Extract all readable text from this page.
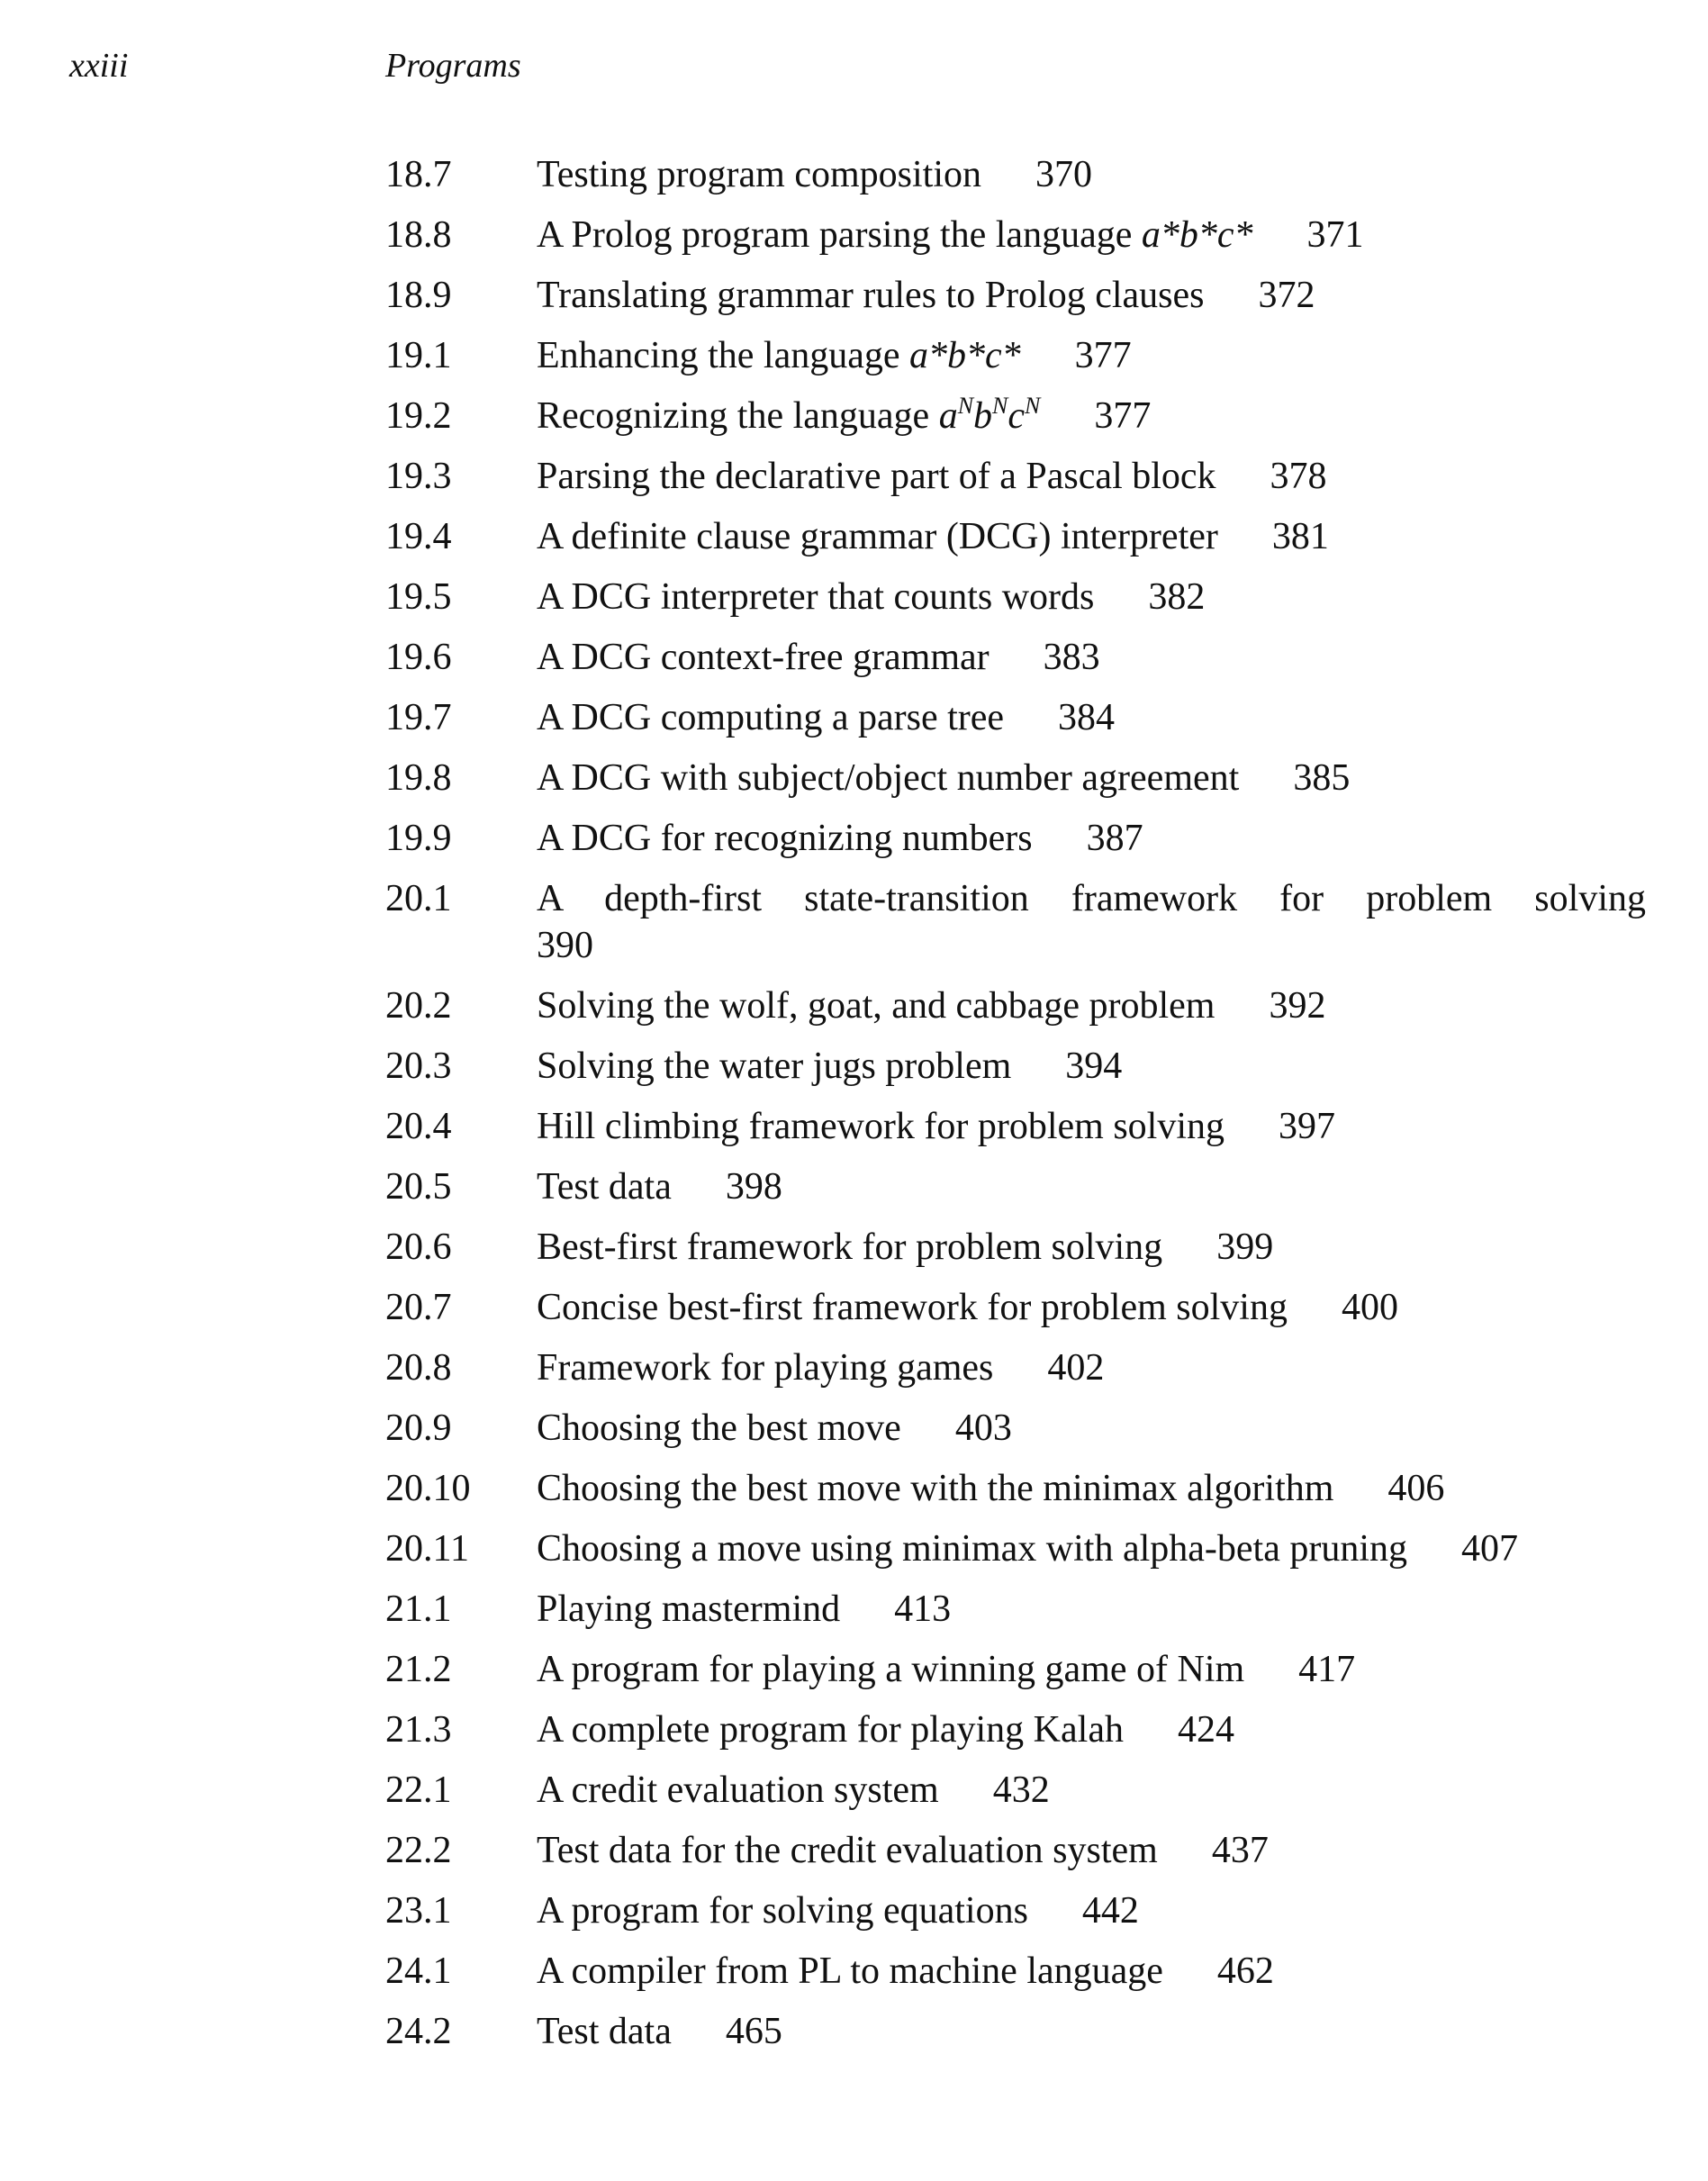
xxiii	Programs
18.7	Testing program composition 370
18.8	A Prolog program parsing the language a*b*c* 371
18.9	Translating grammar rules to Prolog clauses 372
19.1	Enhancing the language a*b*c* 377
19.2	Recognizing the language $a^Nb^Nc^N$ 377
19.3	Parsing the declarative part of a Pascal block 378
19.4	A definite clause grammar (DCG) interpreter 381
19.5	A DCG interpreter that counts words 382
19.6	A DCG context-free grammar 383
19.7	A DCG computing a parse tree 384
19.8	A DCG with subject/object number agreement 385
19.9	A DCG for recognizing numbers 387
20.1	A depth-first state-transition framework for problem solving
390
20.2	Solving the wolf, goat, and cabbage problem 392
20.3	Solving the water jugs problem 394
20.4	Hill climbing framework for problem solving 397
20.5	Test data 398
20.6	Best-first framework for problem solving 399
20.7	Concise best-first framework for problem solving 400
20.8	Framework for playing games 402
20.9	Choosing the best move 403
20.10	Choosing the best move with the minimax algorithm 406
20.11	Choosing a move using minimax with alpha-beta pruning 407
21.1	Playing mastermind 413
21.2	A program for playing a winning game of Nim 417
21.3	A complete program for playing Kalah 424
22.1	A credit evaluation system 432
22.2	Test data for the credit evaluation system 437
23.1	A program for solving equations 442
24.1	A compiler from PL to machine language 462
24.2	Test data 465
